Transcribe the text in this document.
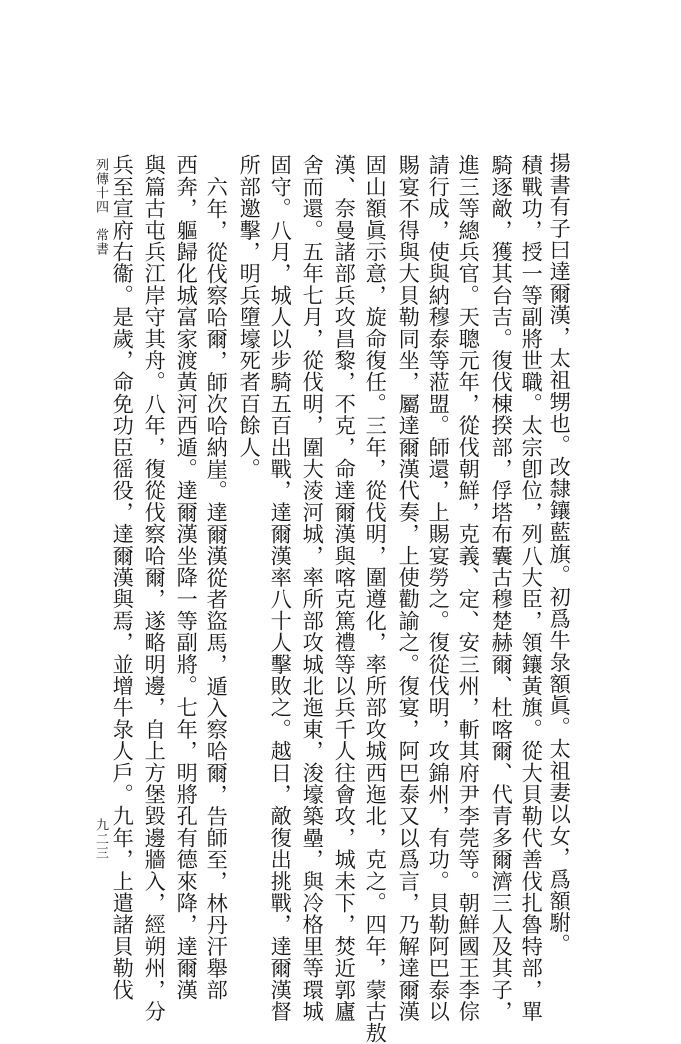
列傳十四　常書
九二三	揚書有子曰達爾漢，太祖甥也。改隸鑲藍旗。初爲牛彔額眞。太祖妻以女，爲額駙。
積戰功，授一等副將世職。太宗卽位，列八大臣，領鑲黃旗。從大貝勒代善伐扎魯特部，單
騎逐敵，獲其台吉。復伐棟揆部，俘塔布囊古穆楚赫爾、杜喀爾、代青多爾濟三人及其子，
進三等總兵官。天聰元年，從伐朝鮮，克義、定、安三州，斬其府尹李莞等。朝鮮國王李倧
請行成，使與納穆泰等蒞盟。師還，上賜宴勞之。復從伐明，攻錦州，有功。貝勒阿巴泰以
賜宴不得與大貝勒同坐，屬達爾漢代奏，上使勸諭之。復宴，阿巴泰又以爲言，乃解達爾漢
固山額眞示意，旋命復任。三年，從伐明，圍遵化，率所部攻城西迤北，克之。四年，蒙古敖
漢、奈曼諸部兵攻昌黎，不克，命達爾漢與喀克篤禮等以兵千人往會攻，城未下，焚近郭廬
舍而還。五年七月，從伐明，圍大淩河城，率所部攻城北迤東，浚壕築壘，與冷格里等環城
固守。八月，城人以步騎五百出戰，達爾漢率八十人擊敗之。越日，敵復出挑戰，達爾漢督
所部邀擊，明兵墮壕死者百餘人。
六年，從伐察哈爾，師次哈納崖。達爾漢從者盜馬，遁入察哈爾，告師至，林丹汗舉部
西奔，軀歸化城富家渡黃河西遁。達爾漢坐降一等副將。七年，明將孔有德來降，達爾漢
與篇古屯兵江岸守其舟。八年，復從伐察哈爾，遂略明邊，自上方堡毀邊牆入，經朔州，分
兵至宣府右衞。是歲，命免功臣徭役，達爾漢與焉，並增牛彔人戶。九年，上遣諸貝勒伐
